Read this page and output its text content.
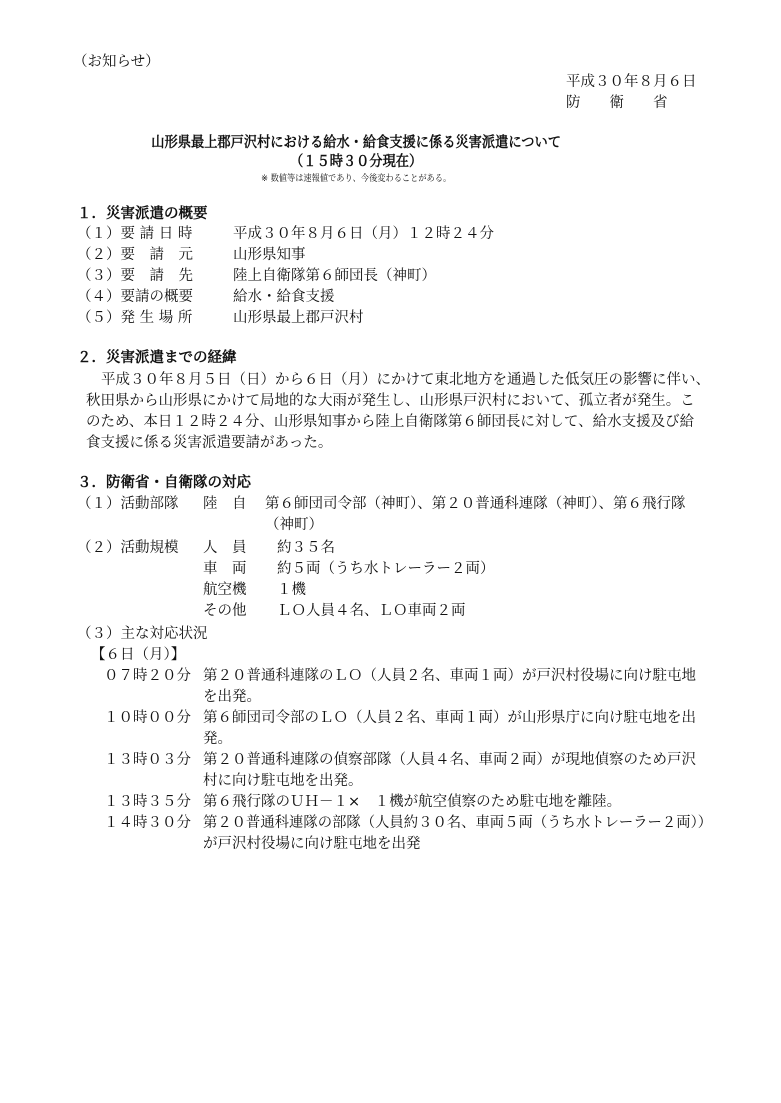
（お知らせ）
平成３０年８月６日
防　　衛　　省
山形県最上郡戸沢村における給水・給食支援に係る災害派遣について
（１５時３０分現在）
※ 数値等は速報値であり、今後変わることがある。
１．災害派遣の概要
（１）要 請 日 時	平成３０年８月６日（月）１２時２４分
（２）要　請　元	山形県知事
（３）要　請　先	陸上自衛隊第６師団長（神町）
（４）要請の概要	給水・給食支援
（５）発 生 場 所	山形県最上郡戸沢村
２．災害派遣までの経緯
平成３０年８月５日（日）から６日（月）にかけて東北地方を通過した低気圧の影響に伴い、
秋田県から山形県にかけて局地的な大雨が発生し、山形県戸沢村において、孤立者が発生。こ
のため、本日１２時２４分、山形県知事から陸上自衛隊第６師団長に対して、給水支援及び給
食支援に係る災害派遣要請があった。
３．防衛省・自衛隊の対応
（１）活動部隊 陸　自 第６師団司令部（神町）、第２０普通科連隊（神町）、第６飛行隊
（神町）
（２）活動規模 人　員 約３５名
車　両 約５両（うち水トレーラー２両）
航空機 １機
その他 ＬＯ人員４名、ＬＯ車両２両
（３）主な対応状況
【６日（月）】
０７時２０分 第２０普通科連隊のＬＯ（人員２名、車両１両）が戸沢村役場に向け駐屯地
を出発。
１０時００分 第６師団司令部のＬＯ（人員２名、車両１両）が山形県庁に向け駐屯地を出
発。
１３時０３分 第２０普通科連隊の偵察部隊（人員４名、車両２両）が現地偵察のため戸沢
村に向け駐屯地を出発。
１３時３５分 第６飛行隊のＵＨ－１×　１機が航空偵察のため駐屯地を離陸。
１４時３０分 第２０普通科連隊の部隊（人員約３０名、車両５両（うち水トレーラー２両））
が戸沢村役場に向け駐屯地を出発
